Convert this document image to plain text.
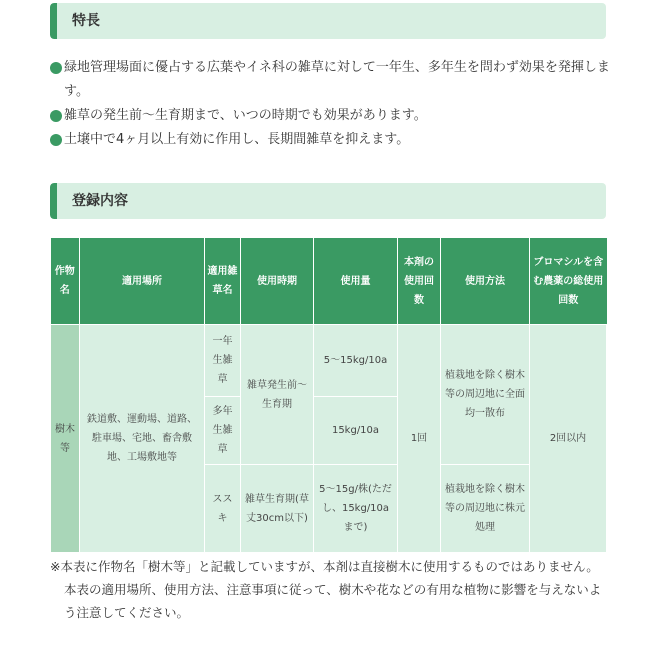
特長
緑地管理場面に優占する広葉やイネ科の雑草に対して一年生、多年生を問わず効果を発揮します。
雑草の発生前～生育期まで、いつの時期でも効果があります。
土壌中で4ヶ月以上有効に作用し、長期間雑草を抑えます。
登録内容
作物名	適用場所	適用雑草名	使用時期	使用量	本剤の使用回数	使用方法	ブロマシルを含む農薬の総使用回数
樹木等	鉄道敷、運動場、道路、駐車場、宅地、畜舎敷地、工場敷地等	一年生雑草	雑草発生前～生育期	5～15kg/10a	1回	植栽地を除く樹木等の周辺地に全面均一散布	2回以内
		多年生雑草		15kg/10a			
		ススキ	雑草生育期(草丈30cm以下)	5～15g/株(ただし、15kg/10aまで)		植栽地を除く樹木等の周辺地に株元処理	

※本表に作物名「樹木等」と記載していますが、本剤は直接樹木に使用するものではありません。

本表の適用場所、使用方法、注意事項に従って、樹木や花などの有用な植物に影響を与えないよう注意してください。
